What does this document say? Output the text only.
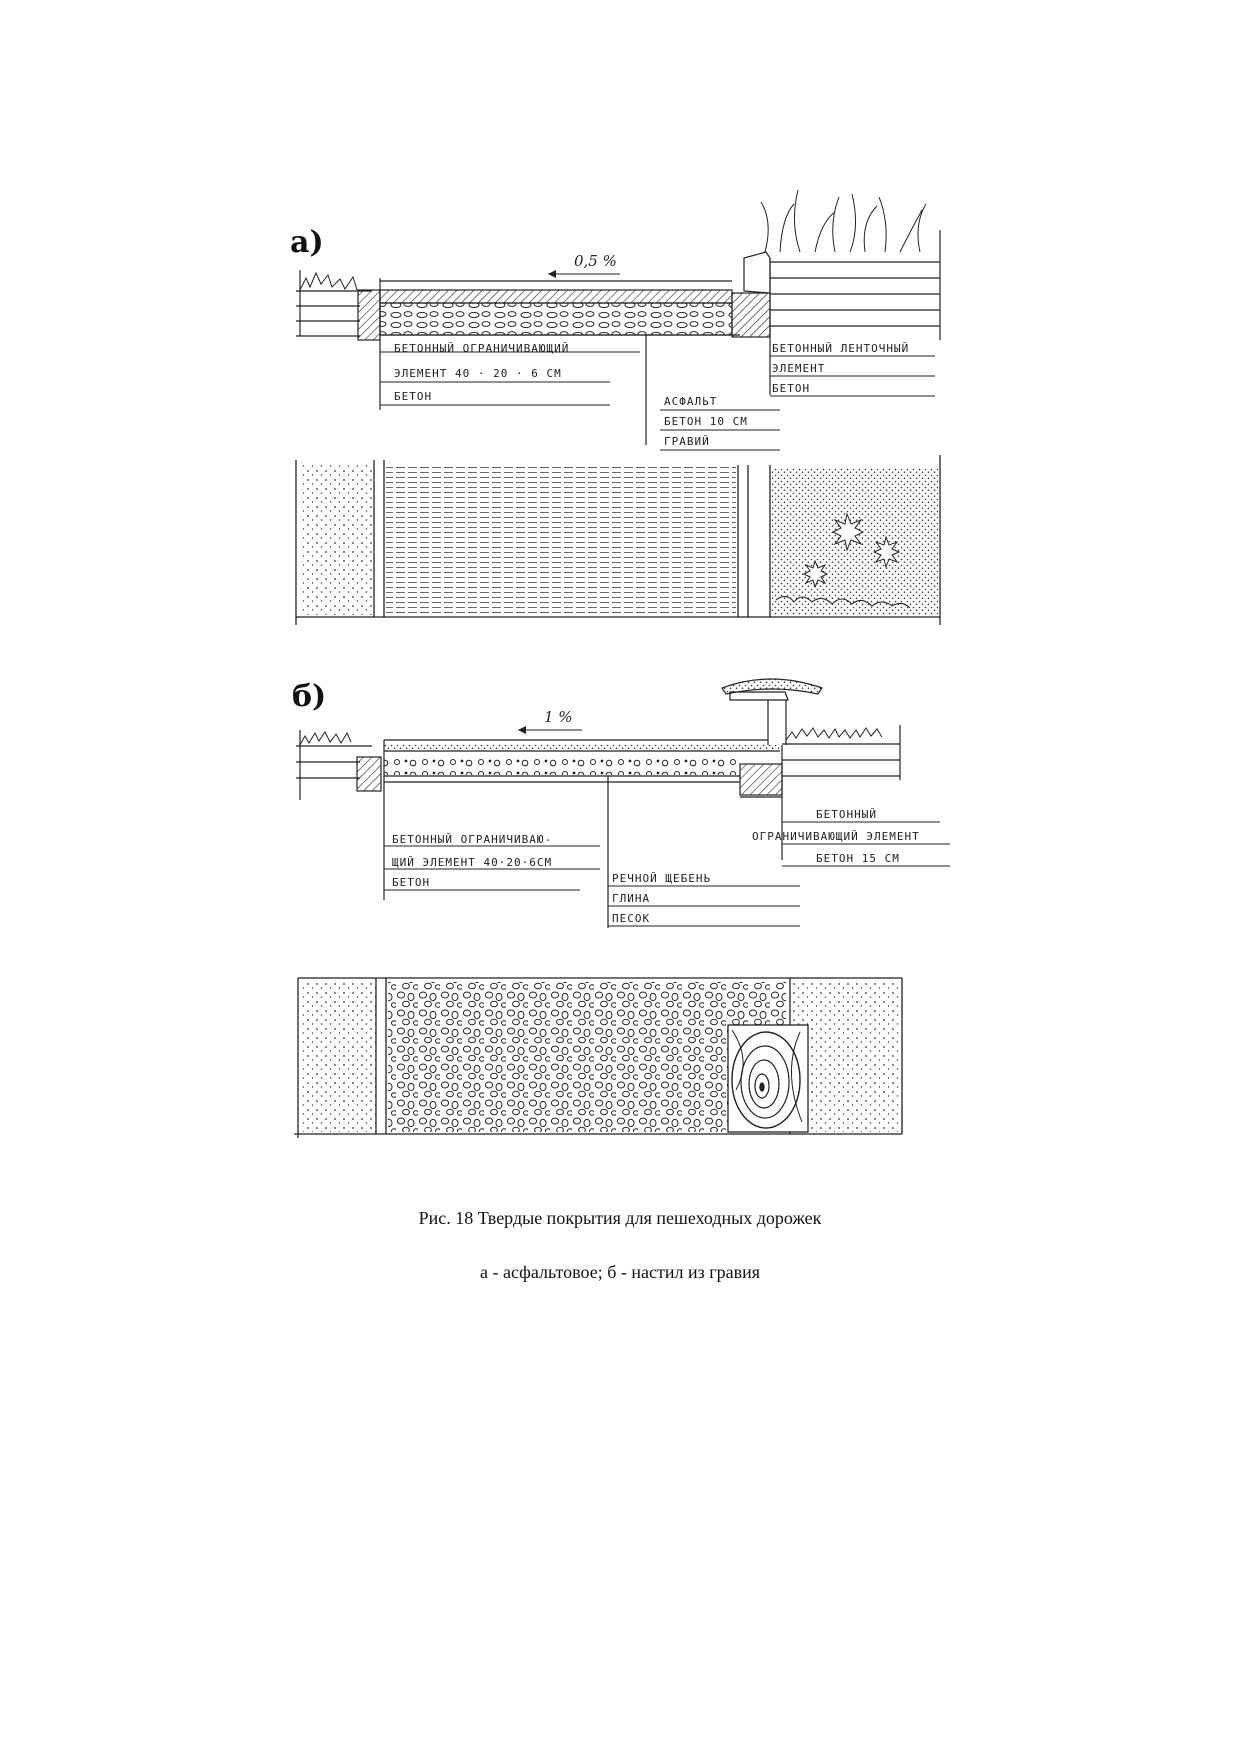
а)
0,5 %
БЕТОННЫЙ ОГРАНИЧИВАЮЩИЙ
ЭЛЕМЕНТ 40 · 20 · 6 СМ
БЕТОН	АСФАЛЬТ
БЕТОН 10 СМ
ГРАВИЙ
БЕТОННЫЙ ЛЕНТОЧНЫЙ
ЭЛЕМЕНТ
БЕТОН
б)
1 %
БЕТОННЫЙ ОГРАНИЧИВАЮ-
ЩИЙ ЭЛЕМЕНТ 40·20·6СМ
БЕТОН	РЕЧНОЙ ЩЕБЕНЬ
ГЛИНА
ПЕСОК
БЕТОННЫЙ
ОГРАНИЧИВАЮЩИЙ ЭЛЕМЕНТ
БЕТОН 15 СМ

Рис. 18 Твердые покрытия для пешеходных дорожек

а - асфальтовое; б - настил из гравия
